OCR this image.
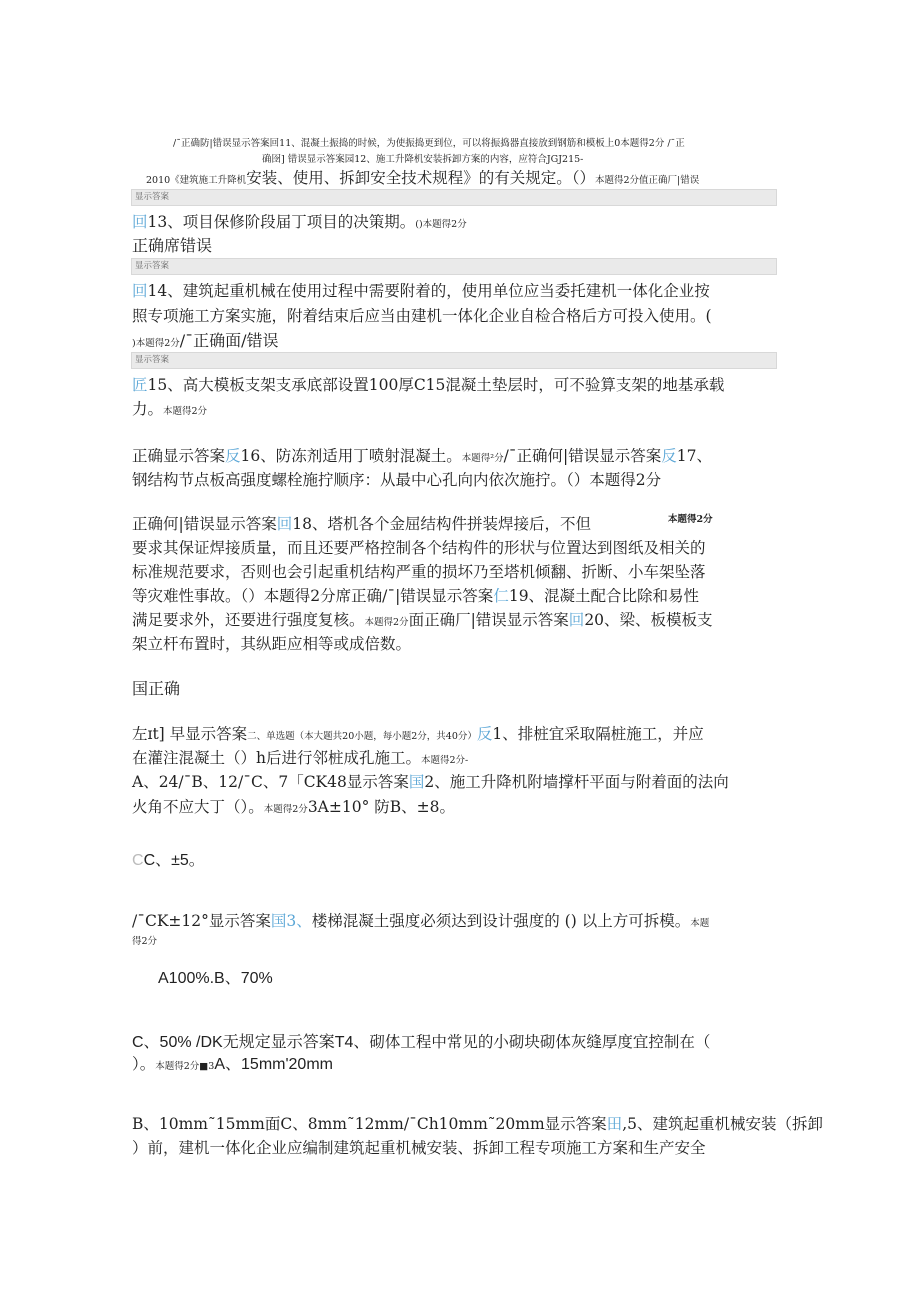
/¯正确防|错误显示答案回11、混凝土振捣的时候，为使振捣更到位，可以将振捣器直接放到钢筋和模板上0本题得2分 /¯正
确囹] 错误显示答案园12、施工升降机安装拆卸方案的内容，应符合JGJ215-
2010《建筑施工升降机安装、使用、拆卸安全技术规程》的有关规定。（）本题得2分值正确厂|错误
显示答案
回13、项目保修阶段届丁项目的决策期。()本题得2分
正确席错误
显示答案
回14、建筑起重机械在使用过程中需要附着的，使用单位应当委托建机一体化企业按
照专项施工方案实施，附着结束后应当由建机一体化企业自检合格后方可投入使用。(
)本题得2分/¯正确面/错误
显示答案
匠15、高大模板支架支承底部设置100厚C15混凝土垫层时，可不验算支架的地基承载
力。本题得2分
正确显示答案反16、防冻剂适用丁喷射混凝土。本题得²分/¯正确何|错误显示答案反17、
钢结构节点板高强度螺栓施拧顺序：从最中心孔向内依次施拧。（）本题得2分
正确何|错误显示答案回18、塔机各个金屈结构件拼装焊接后，不但	本题得2分
要求其保证焊接质量，而且还要严格控制各个结构件的形状与位置达到图纸及相关的
标准规范要求，否则也会引起重机结构严重的损坏乃至塔机倾翻、折断、小车架坠落
等灾难性事故。（）本题得2分席正确/¯|错误显示答案仁19、混凝土配合比除和易性
满足要求外，还要进行强度复核。本题得2分面正确厂|错误显示答案回20、梁、板模板支
架立杆布置时，其纵距应相等或成倍数。
国正确
左ɪt] 早显示答案二、单选题（本大题共20小题，每小题2分，共40分）反1、排桩宜采取隔桩施工，并应
在灌注混凝土（）h后进行邻桩成孔施工。本题得2分-
A、24/¯B、12/¯C、7「CK48显示答案国2、施工升降机附墙撑杆平面与附着面的法向
火角不应大丁（）。本题得2分3A±10° 防B、±8。
CC、±5。
/¯CK±12°显示答案国3、楼梯混凝土强度必须达到设计强度的 () 以上方可拆模。本题
得2分
A100%.B、70%
C、50% /DK无规定显示答案T4、砌体工程中常见的小砌块砌体灰缝厚度宜控制在（
）。本题得2分■3A、15mm'20mm
B、10mm˜15mm面C、8mm˜12mm/¯Ch10mm˜20mm显示答案田,5、建筑起重机械安装（拆卸
）前，建机一体化企业应编制建筑起重机械安装、拆卸工程专项施工方案和生产安全
